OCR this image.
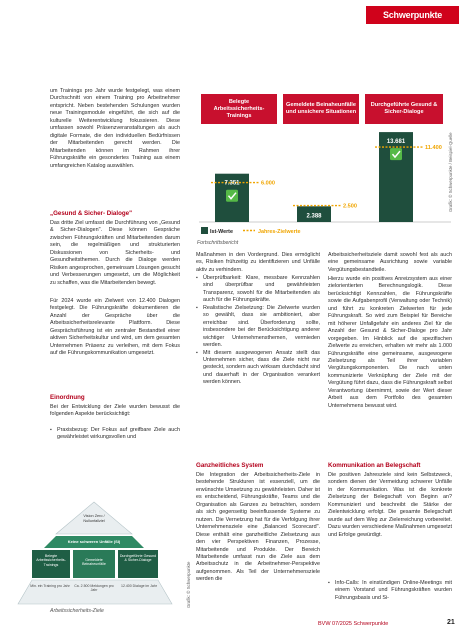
Schwerpunkte
um Trainings pro Jahr wurde festgelegt, was einem Durchschnitt von einem Training pro Arbeitnehmer entspricht. Neben bestehenden Schulungen wurden neue Trainingsmodule eingeführt, die sich auf die kulturelle Weiterentwicklung fokussieren. Diese umfassen sowohl Präsenzveranstaltungen als auch digitale Formate, die den individuellen Bedürfnissen der Mitarbeitenden gerecht werden. Die Mitarbeitenden können im Rahmen ihrer Führungskräfte ein gesondertes Training aus einem umfangreichen Katalog auswählen.
„Gesund & Sicher- Dialoge"
Das dritte Ziel umfasst die Durchführung von „Gesund & Sicher-Dialogen". Diese können Gespräche zwischen Führungskräften und Mitarbeitenden darum sein, die regelmäßigen und strukturierten Diskussionen von Sicherheits- und Gesundheitsthemen. Durch die Dialoge werden Risiken angesprochen, gemeinsam Lösungen gesucht und Verbesserungen umgesetzt, um die Möglichkeit zu schaffen, was die Mitarbeitenden bewegt.
Für 2024 wurde ein Zielwert von 12.400 Dialogen festgelegt. Die Führungskräfte dokumentieren die Anzahl der Gespräche über die Arbeitssicherheitsrelevante Plattform. Diese Gesprächsführung ist ein zentraler Bestandteil einer aktiven Sicherheitskultur und wird, um dem gesamten Unternehmen Präsenz zu verleihen, mit dem Fokus auf die Führungskommunikation umgesetzt.
Einordnung
Bei der Entwicklung der Ziele wurden bewusst die folgenden Aspekte berücksichtigt:
▪ Praxisbezug: Der Fokus auf greifbare Ziele auch gewährleistet wirkungsvollen und
Belegte Arbeitssicherheits-Trainings
Gemeldete Beinaheunfälle und unsichere Situationen
Durchgeführte Gesund & Sicher-Dialoge
6.000
7.351
2.500
2.388
11.400
13.681
Ist-Werte	Jahres-Zielwerte
Grafik: © Schwerpunkte / Beispiel-Quelle
Fortschrittsbericht
Maßnahmen in den Vordergrund. Dies ermöglicht es, Risiken frühzeitig zu identifizieren und Unfälle aktiv zu verhindern.
▪ Überprüfbarkeit: Klare, messbare Kennzahlen sind überprüfbar und gewährleisten Transparenz, sowohl für die Mitarbeitenden als auch für die Führungskräfte.
▪ Realistische Zielsetzung: Die Zielwerte wurden so gewählt, dass sie ambitioniert, aber erreichbar sind. Überforderung sollte, insbesondere bei der Berücksichtigung anderer wichtiger Unternehmensthemen, vermieden werden.
▪ Mit diesem ausgewogenen Ansatz stellt das Unternehmen sicher, dass die Ziele nicht nur gesteckt, sondern auch wirksam durchdacht sind und dauerhaft in der Organisation verankert werden können.
Ganzheitliches System
Die Integration der Arbeitssicherheits-Ziele in bestehende Strukturen ist essenziell, um die erwünschte Umsetzung zu gewährleisten. Daher ist es entscheidend, Führungskräfte, Teams und die Organisation als Ganzes zu betrachten, sondern als sich gegenseitig beeinflussende Systeme zu nutzen. Die Vernetzung hat für die Verfolgung ihrer Unternehmensziele eine „Balanced Scorecard". Diese enthält eine ganzheitliche Zielsetzung aus den vier Perspektiven Finanzen, Prozesse, Mitarbeitende und Produkte. Der Bereich Mitarbeitende umfasst nun die Ziele aus dem Arbeitsschutz in die Arbeitnehmer-Perspektive aufgenommen. Als Teil der Unternehmensziele werden die
Arbeitssicherheitsziele damit sowohl fest als auch eine gemeinsame Ausrichtung sowie variable Vergütungsbestandteile.
Hierzu wurde ein positives Anreizsystem aus einer zielorientierten Berechnungslogik. Diese berücksichtigt Kennzahlen, die Führungskräfte sowie die Aufgabenprofil (Verwaltung oder Technik) und führt zu konkreten Zielwerten für jede Führungskraft. So wird zum Beispiel für Bereiche mit höherer Unfallgefahr ein anderes Ziel für die Anzahl der Gesund & Sicher-Dialoge pro Jahr vorgegeben. Im Hinblick auf die spezifischen Zielwerte zu erreichen, erhalten wir mehr als 1.000 Führungskräfte eine gemeinsame, ausgewogene Zielsetzung als Teil ihrer variablen Vergütungskomponenten. Die nach unten kommunizierte Verknüpfung der Ziele mit der Vergütung führt dazu, dass die Führungskraft selbst Verantwortung übernimmt, sowie der Wert dieser Arbeit aus dem Portfolio des gesamten Unternehmens bewusst wird.
Kommunikation an Belegschaft
Die positiven Jahresziele sind kein Selbstzweck, sondern dienen der Vermeidung schwerer Unfälle in der Kommunikation. Was ist die konkrete Zielsetzung der Belegschaft von Beginn an? Kommuniziert und beschreibt die Stärke der Zielentwicklung erfolgt. Die gesamte Belegschaft wurde auf dem Weg zur Zielerreichung vorbereitet. Dazu wurden verschiedene Maßnahmen umgesetzt und Erfolge gewürdigt.
▪ Info-Calls: In einstündigen Online-Meetings mit einem Vorstand und Führungskräften wurden Führungsbasis und Si-
Vision Zero / Nullunfallziel
Keine schweren Unfälle (SI)
Belegte Arbeitssicherheits-Trainings
Gemeldete Beinaheunfälle
Durchgeführte Gesund & Sicher-Dialoge
Min. ein Training pro Jahr	Ca. 2.500 Meldungen pro Jahr
12.400 Dialoge im Jahr	Grafik: © Schwerpunkte
Arbeitssicherheits-Ziele
BVW 07/2025 Schwerpunkte	21
